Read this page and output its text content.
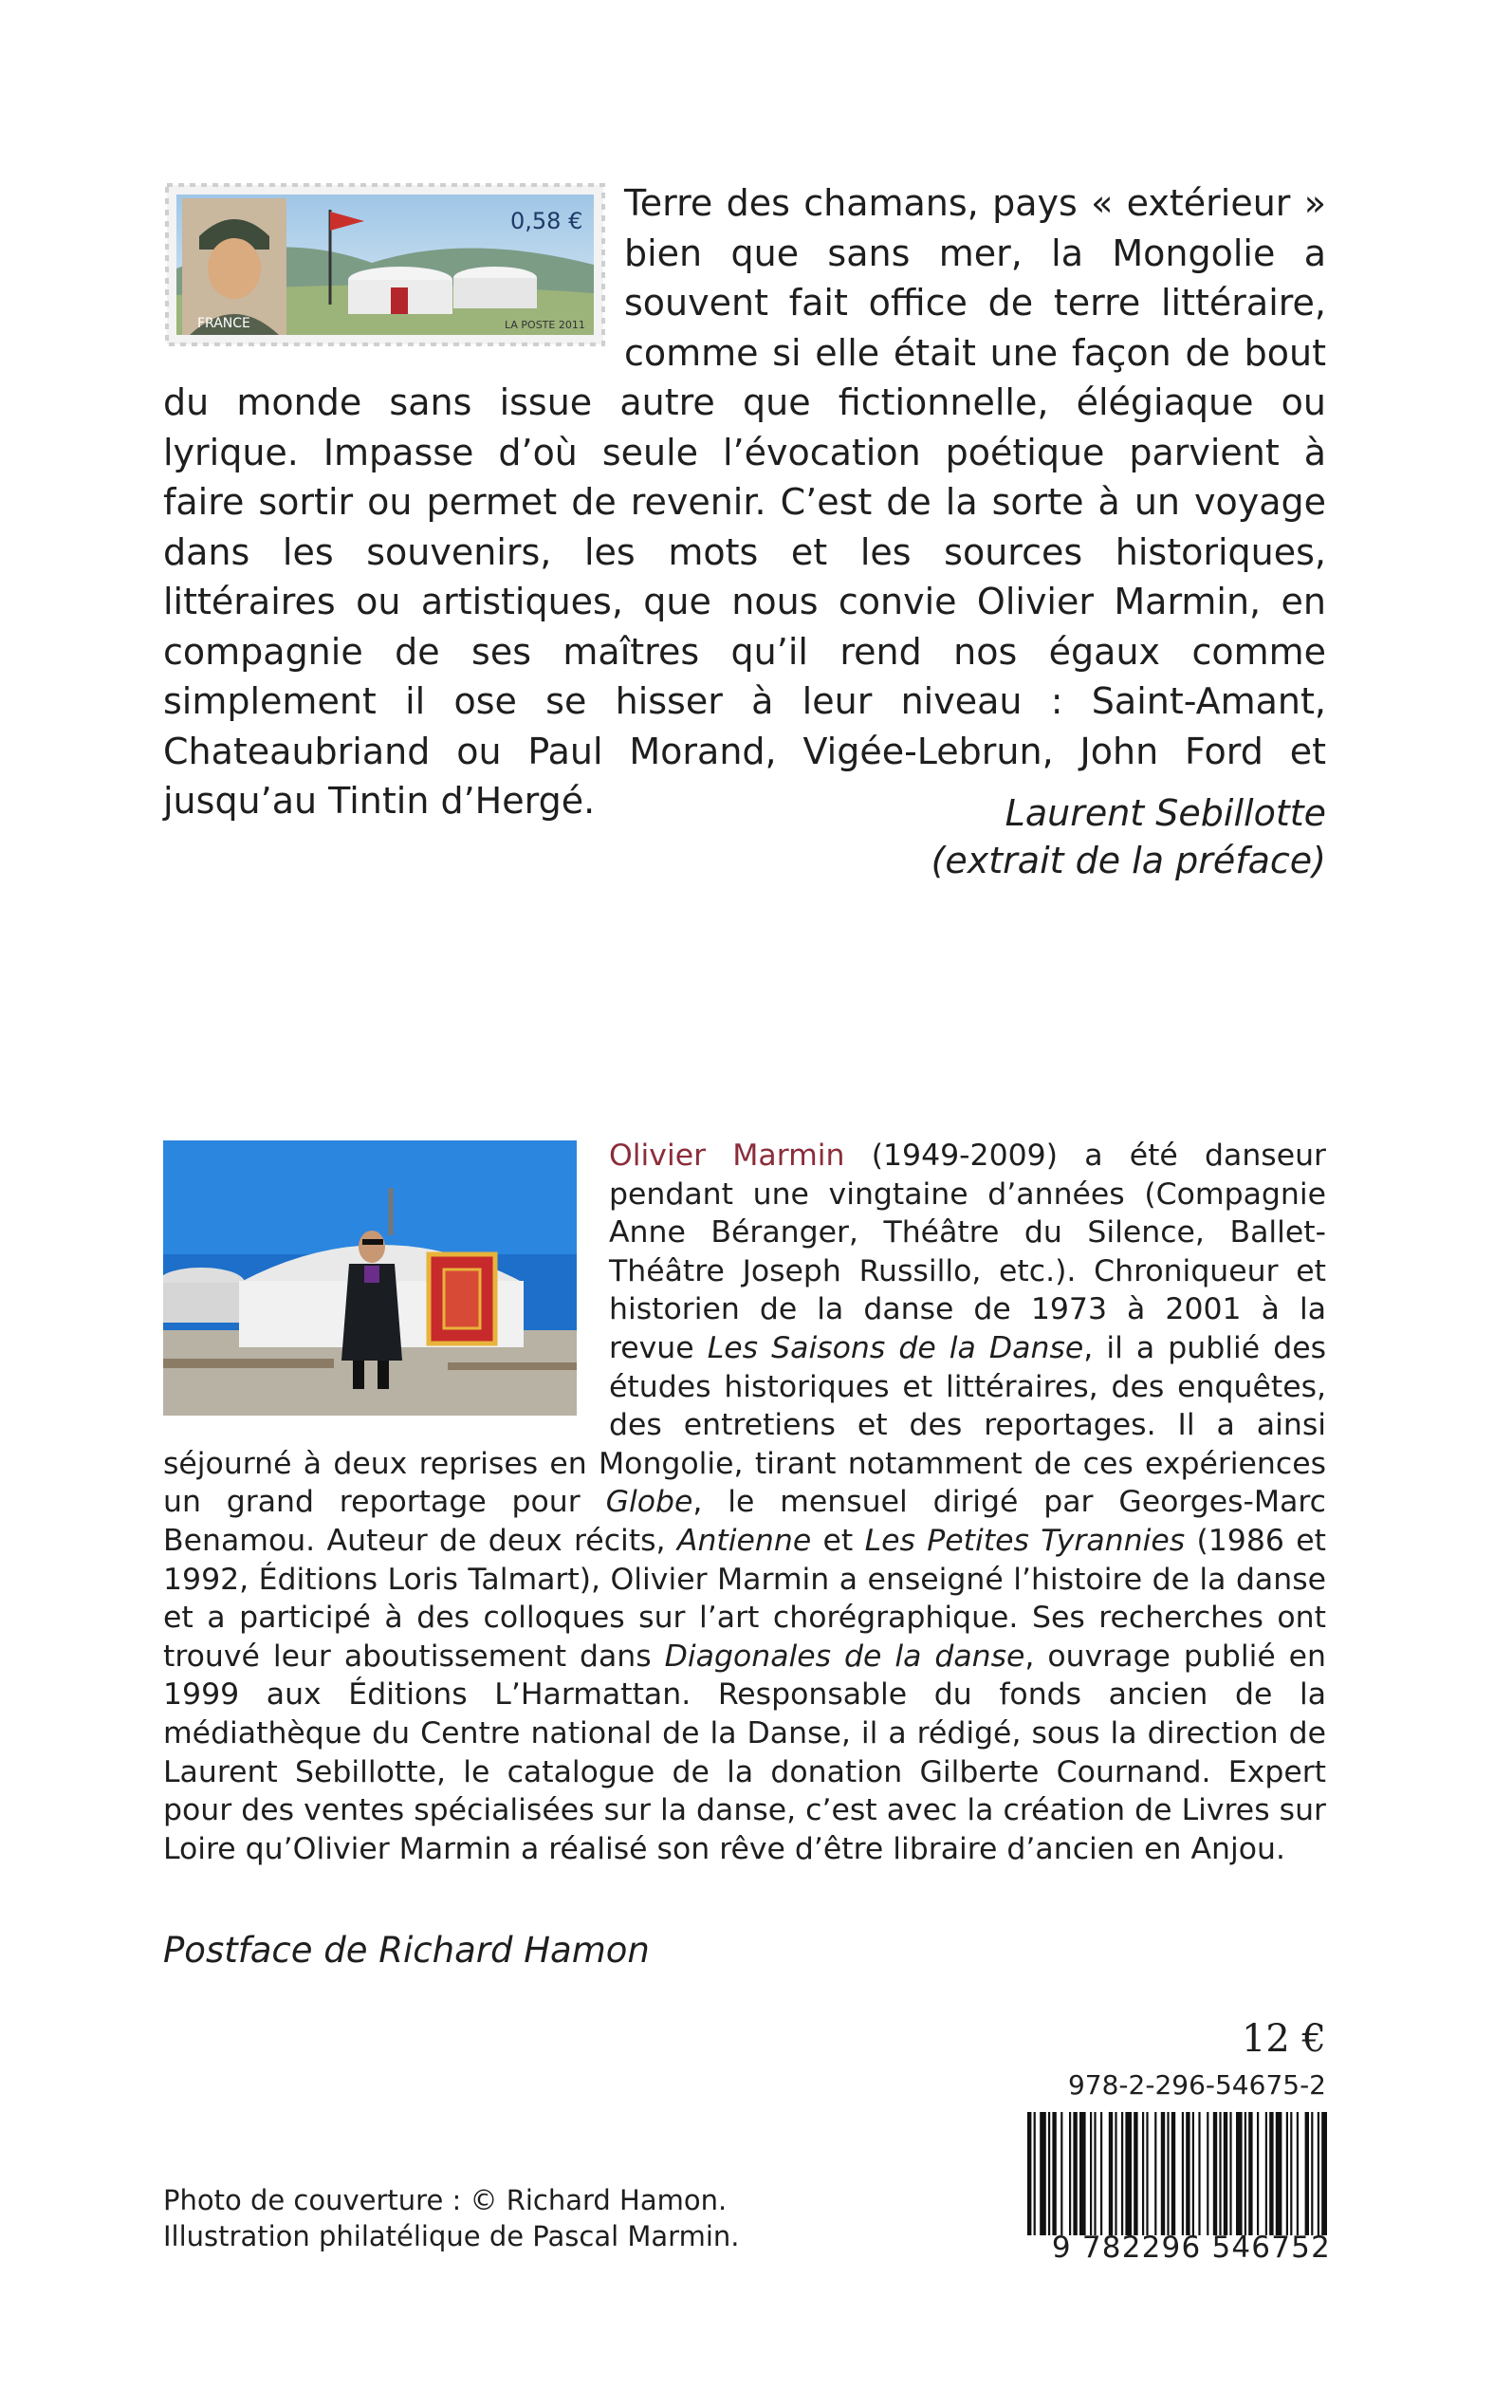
FRANCE
0,58 €
LA POSTE 2011
Terre des chamans, pays « extérieur » bien que sans mer, la Mongolie a souvent fait office de terre littéraire, comme si elle était une façon de bout du monde sans issue autre que fictionnelle, élégiaque ou lyrique. Impasse d’où seule l’évocation poétique parvient à faire sortir ou permet de revenir. C’est de la sorte à un voyage dans les souvenirs, les mots et les sources historiques, littéraires ou artistiques, que nous convie Olivier Marmin, en compagnie de ses maîtres qu’il rend nos égaux comme simplement il ose se hisser à leur niveau : Saint-Amant, Chateaubriand ou Paul Morand, Vigée-Lebrun, John Ford et jusqu’au Tintin d’Hergé.	Laurent Sebillotte
(extrait de la préface)

Olivier Marmin (1949-2009) a été danseur pendant une vingtaine d’années (Compagnie Anne Béranger, Théâtre du Silence, Ballet-Théâtre Joseph Russillo, etc.). Chroniqueur et historien de la danse de 1973 à 2001 à la revue Les Saisons de la Danse, il a publié des études historiques et littéraires, des enquêtes, des entretiens et des reportages. Il a ainsi séjourné à deux reprises en Mongolie, tirant notamment de ces expériences un grand reportage pour Globe, le mensuel dirigé par Georges-Marc Benamou. Auteur de deux récits, Antienne et Les Petites Tyrannies (1986 et 1992, Éditions Loris Talmart), Olivier Marmin a enseigné l’histoire de la danse et a participé à des colloques sur l’art chorégraphique. Ses recherches ont trouvé leur aboutissement dans Diagonales de la danse, ouvrage publié en 1999 aux Éditions L’Harmattan. Responsable du fonds ancien de la médiathèque du Centre national de la Danse, il a rédigé, sous la direction de Laurent Sebillotte, le catalogue de la donation Gilberte Cournand. Expert pour des ventes spécialisées sur la danse, c’est avec la création de Livres sur Loire qu’Olivier Marmin a réalisé son rêve d’être libraire d’ancien en Anjou.

Postface de Richard Hamon
12 €
978-2-296-54675-2
9 782296 546752
Photo de couverture : © Richard Hamon.
Illustration philatélique de Pascal Marmin.
